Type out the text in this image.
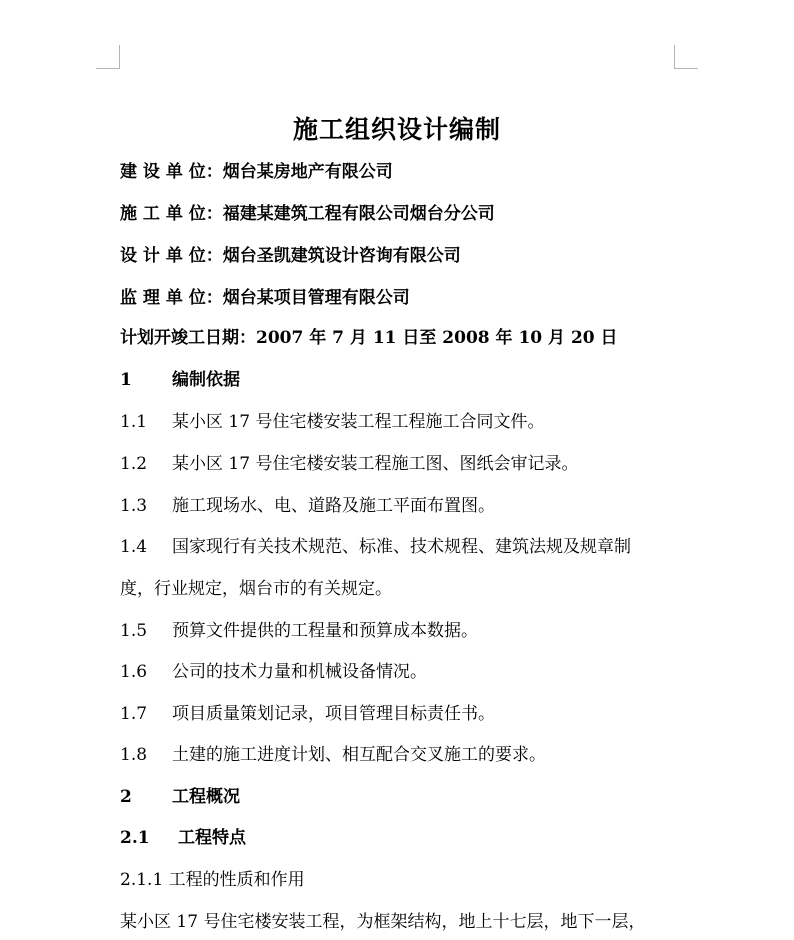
施工组织设计编制
建 设 单 位：烟台某房地产有限公司
施 工 单 位：福建某建筑工程有限公司烟台分公司
设 计 单 位：烟台圣凯建筑设计咨询有限公司
监 理 单 位：烟台某项目管理有限公司
计划开竣工日期：2007 年 7 月 11 日至 2008 年 10 月 20 日
1 编制依据
1.1 某小区 17 号住宅楼安装工程工程施工合同文件。
1.2 某小区 17 号住宅楼安装工程施工图、图纸会审记录。
1.3 施工现场水、电、道路及施工平面布置图。
1.4 国家现行有关技术规范、标准、技术规程、建筑法规及规章制
度，行业规定，烟台市的有关规定。
1.5 预算文件提供的工程量和预算成本数据。
1.6 公司的技术力量和机械设备情况。
1.7 项目质量策划记录，项目管理目标责任书。
1.8 土建的施工进度计划、相互配合交叉施工的要求。
2 工程概况
2.1 工程特点
2.1.1 工程的性质和作用
某小区 17 号住宅楼安装工程，为框架结构，地上十七层，地下一层，
